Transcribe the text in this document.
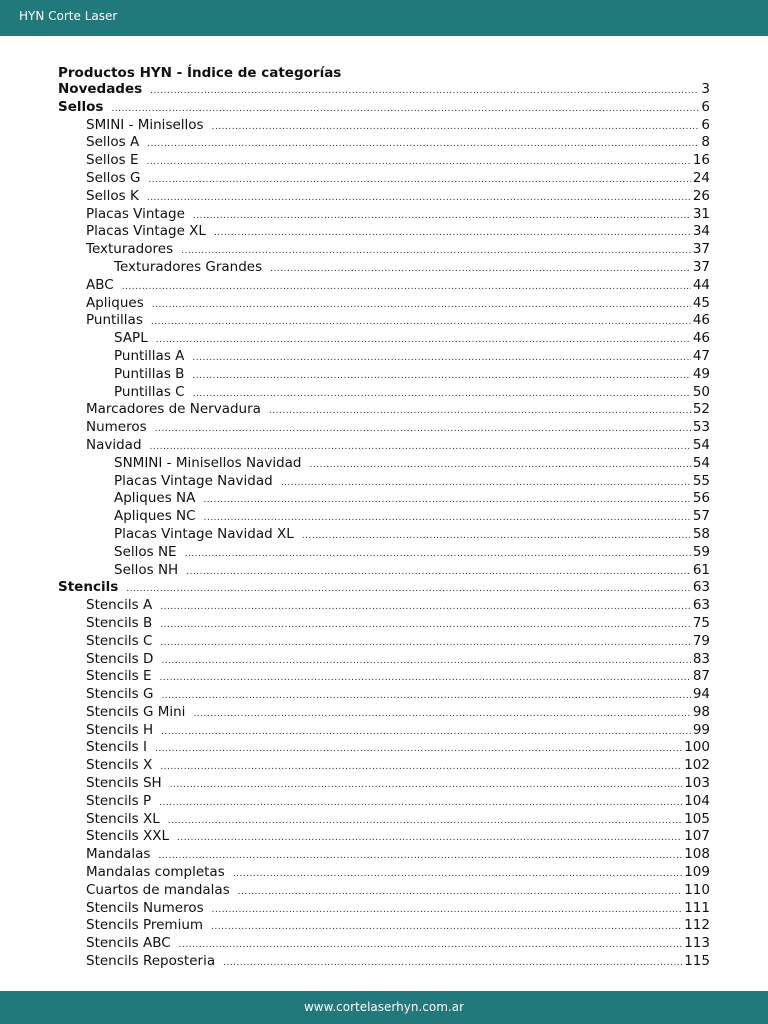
HYN Corte Laser
Productos HYN - Índice de categorías
Novedades .....	3
Sellos .....	6
SMINI - Minisellos .....	6
Sellos A .....	8
Sellos E .....	16
Sellos G .....	24
Sellos K .....	26
Placas Vintage .....	31
Placas Vintage XL .....	34
Texturadores .....	37
Texturadores Grandes .....	37
ABC .....	44
Apliques .....	45
Puntillas .....	46
SAPL .....	46
Puntillas A .....	47
Puntillas B .....	49
Puntillas C .....	50
Marcadores de Nervadura .....	52
Numeros .....	53
Navidad .....	54
SNMINI - Minisellos Navidad .....	54
Placas Vintage Navidad .....	55
Apliques NA .....	56
Apliques NC .....	57
Placas Vintage Navidad XL .....	58
Sellos NE .....	59
Sellos NH .....	61
Stencils .....	63
Stencils A .....	63
Stencils B .....	75
Stencils C .....	79
Stencils D .....	83
Stencils E .....	87
Stencils G .....	94
Stencils G Mini .....	98
Stencils H .....	99
Stencils I .....	100
Stencils X .....	102
Stencils SH .....	103
Stencils P .....	104
Stencils XL .....	105
Stencils XXL .....	107
Mandalas .....	108
Mandalas completas .....	109
Cuartos de mandalas .....	110
Stencils Numeros .....	111
Stencils Premium .....	112
Stencils ABC .....	113
Stencils Reposteria .....	115
www.cortelaserhyn.com.ar
